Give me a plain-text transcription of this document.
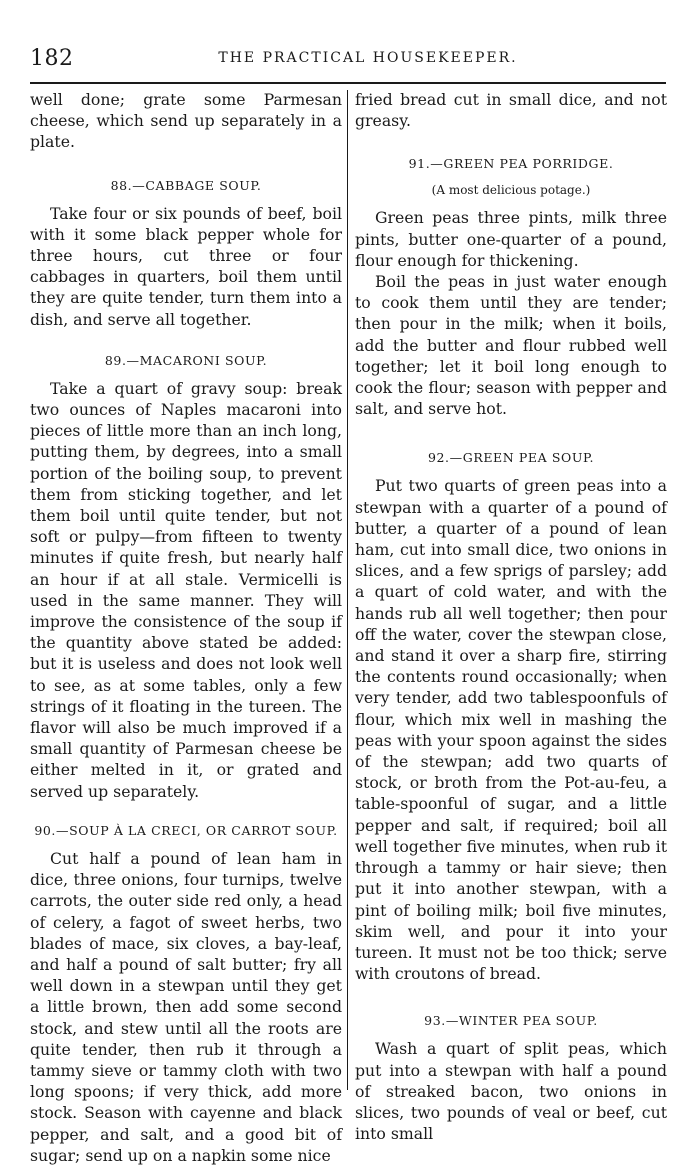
182	THE PRACTICAL HOUSEKEEPER.

well done; grate some Parmesan cheese, which send up separately in a plate.

88.—CABBAGE SOUP.

Take four or six pounds of beef, boil with it some black pepper whole for three hours, cut three or four cabbages in quarters, boil them until they are quite tender, turn them into a dish, and serve all together.

89.—MACARONI SOUP.

Take a quart of gravy soup: break two ounces of Naples macaroni into pieces of little more than an inch long, putting them, by degrees, into a small portion of the boiling soup, to prevent them from sticking together, and let them boil until quite tender, but not soft or pulpy—from fifteen to twenty minutes if quite fresh, but nearly half an hour if at all stale. Vermicelli is used in the same manner. They will improve the consistence of the soup if the quantity above stated be added: but it is useless and does not look well to see, as at some tables, only a few strings of it floating in the tureen. The flavor will also be much improved if a small quantity of Parmesan cheese be either melted in it, or grated and served up separately.

90.—SOUP À LA CRECI, OR CARROT SOUP.

Cut half a pound of lean ham in dice, three onions, four turnips, twelve carrots, the outer side red only, a head of celery, a fagot of sweet herbs, two blades of mace, six cloves, a bay-leaf, and half a pound of salt butter; fry all well down in a stewpan until they get a little brown, then add some second stock, and stew until all the roots are quite tender, then rub it through a tammy sieve or tammy cloth with two long spoons; if very thick, add more stock. Season with cayenne and black pepper, and salt, and a good bit of sugar; send up on a napkin some nice

fried bread cut in small dice, and not greasy.

91.—GREEN PEA PORRIDGE.
(A most delicious potage.)

Green peas three pints, milk three pints, butter one-quarter of a pound, flour enough for thickening.

Boil the peas in just water enough to cook them until they are tender; then pour in the milk; when it boils, add the butter and flour rubbed well together; let it boil long enough to cook the flour; season with pepper and salt, and serve hot.

92.—GREEN PEA SOUP.

Put two quarts of green peas into a stewpan with a quarter of a pound of butter, a quarter of a pound of lean ham, cut into small dice, two onions in slices, and a few sprigs of parsley; add a quart of cold water, and with the hands rub all well together; then pour off the water, cover the stewpan close, and stand it over a sharp fire, stirring the contents round occasionally; when very tender, add two tablespoonfuls of flour, which mix well in mashing the peas with your spoon against the sides of the stewpan; add two quarts of stock, or broth from the Pot-au-feu, a table-spoonful of sugar, and a little pepper and salt, if required; boil all well together five minutes, when rub it through a tammy or hair sieve; then put it into another stewpan, with a pint of boiling milk; boil five minutes, skim well, and pour it into your tureen. It must not be too thick; serve with croutons of bread.

93.—WINTER PEA SOUP.

Wash a quart of split peas, which put into a stewpan with half a pound of streaked bacon, two onions in slices, two pounds of veal or beef, cut into small
